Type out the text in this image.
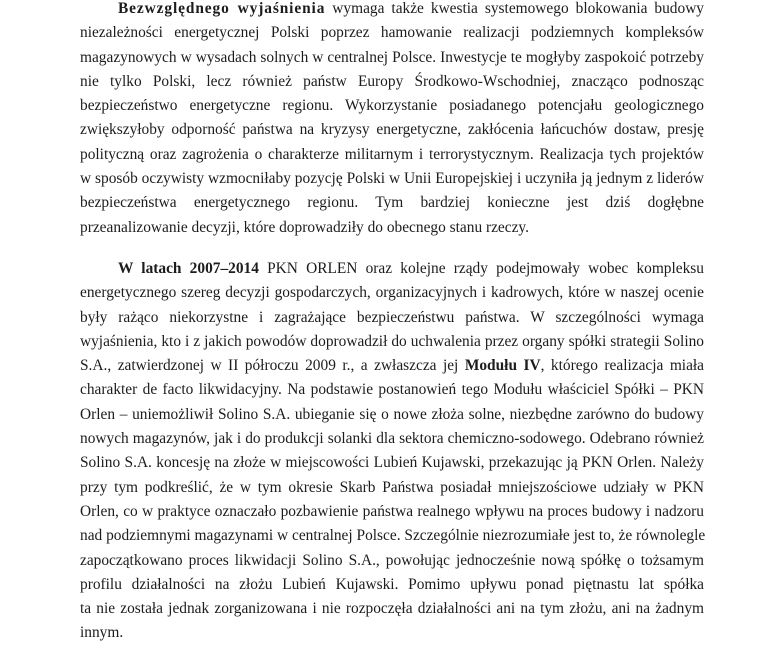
Bezwzględnego wyjaśnienia wymaga także kwestia systemowego blokowania budowy
niezależności energetycznej Polski poprzez hamowanie realizacji podziemnych kompleksów
magazynowych w wysadach solnych w centralnej Polsce. Inwestycje te mogłyby zaspokoić potrzeby
nie tylko Polski, lecz również państw Europy Środkowo-Wschodniej, znacząco podnosząc
bezpieczeństwo energetyczne regionu. Wykorzystanie posiadanego potencjału geologicznego
zwiększyłoby odporność państwa na kryzysy energetyczne, zakłócenia łańcuchów dostaw, presję
polityczną oraz zagrożenia o charakterze militarnym i terrorystycznym. Realizacja tych projektów
w sposób oczywisty wzmocniłaby pozycję Polski w Unii Europejskiej i uczyniła ją jednym z liderów
bezpieczeństwa energetycznego regionu. Tym bardziej konieczne jest dziś dogłębne
przeanalizowanie decyzji, które doprowadziły do obecnego stanu rzeczy.
W latach 2007–2014 PKN ORLEN oraz kolejne rządy podejmowały wobec kompleksu
energetycznego szereg decyzji gospodarczych, organizacyjnych i kadrowych, które w naszej ocenie
były rażąco niekorzystne i zagrażające bezpieczeństwu państwa. W szczególności wymaga
wyjaśnienia, kto i z jakich powodów doprowadził do uchwalenia przez organy spółki strategii Solino
S.A., zatwierdzonej w II półroczu 2009 r., a zwłaszcza jej Modułu IV, którego realizacja miała
charakter de facto likwidacyjny. Na podstawie postanowień tego Modułu właściciel Spółki – PKN
Orlen – uniemożliwił Solino S.A. ubieganie się o nowe złoża solne, niezbędne zarówno do budowy
nowych magazynów, jak i do produkcji solanki dla sektora chemiczno-sodowego. Odebrano również
Solino S.A. koncesję na złoże w miejscowości Lubień Kujawski, przekazując ją PKN Orlen. Należy
przy tym podkreślić, że w tym okresie Skarb Państwa posiadał mniejszościowe udziały w PKN
Orlen, co w praktyce oznaczało pozbawienie państwa realnego wpływu na proces budowy i nadzoru
nad podziemnymi magazynami w centralnej Polsce. Szczególnie niezrozumiałe jest to, że równolegle
zapoczątkowano proces likwidacji Solino S.A., powołując jednocześnie nową spółkę o tożsamym
profilu działalności na złożu Lubień Kujawski. Pomimo upływu ponad piętnastu lat spółka
ta nie została jednak zorganizowana i nie rozpoczęła działalności ani na tym złożu, ani na żadnym
innym.
